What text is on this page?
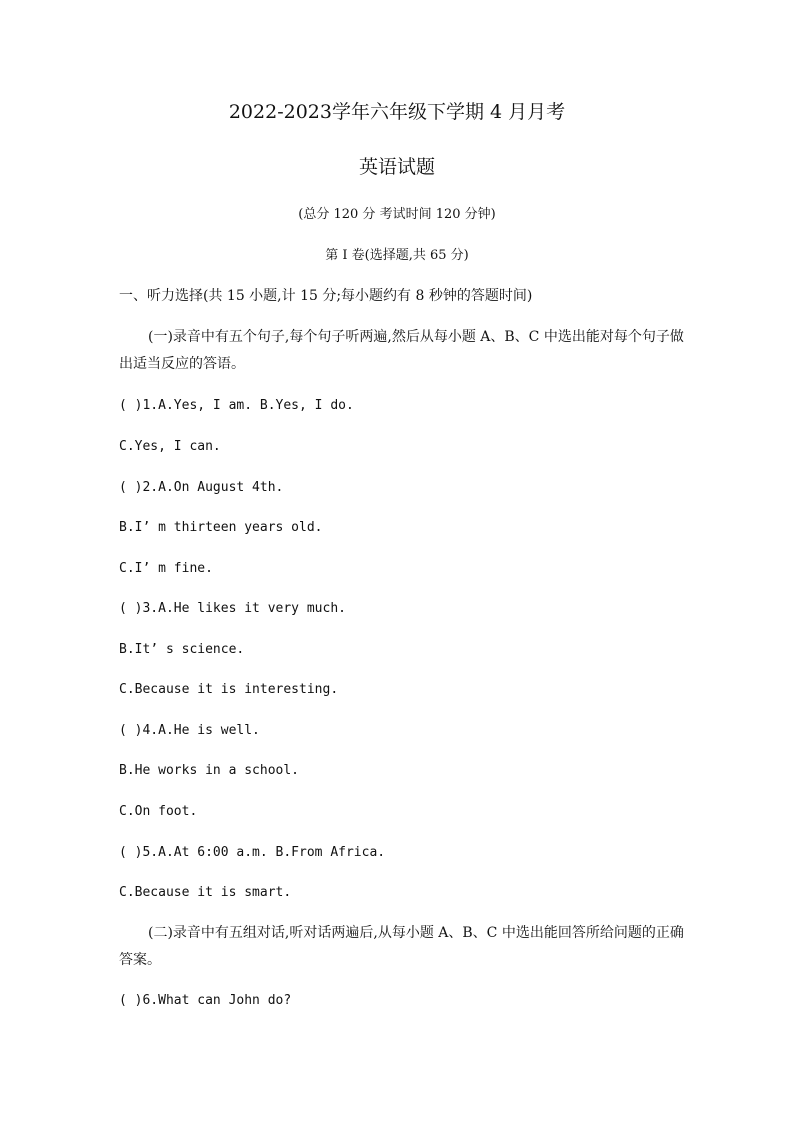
2022-2023学年六年级下学期 4 月月考
英语试题
(总分 120 分 考试时间 120 分钟)
第 I 卷(选择题,共 65 分)
一、听力选择(共 15 小题,计 15 分;每小题约有 8 秒钟的答题时间)
(一)录音中有五个句子,每个句子听两遍,然后从每小题 A、B、C 中选出能对每个句子做
出适当反应的答语。
( )1.A.Yes, I am. B.Yes, I do.
C.Yes, I can.
( )2.A.On August 4th.
B.I’ m thirteen years old.
C.I’ m fine.
( )3.A.He likes it very much.
B.It’ s science.
C.Because it is interesting.
( )4.A.He is well.
B.He works in a school.
C.On foot.
( )5.A.At 6:00 a.m. B.From Africa.
C.Because it is smart.
(二)录音中有五组对话,听对话两遍后,从每小题 A、B、C 中选出能回答所给问题的正确
答案。
( )6.What can John do?
